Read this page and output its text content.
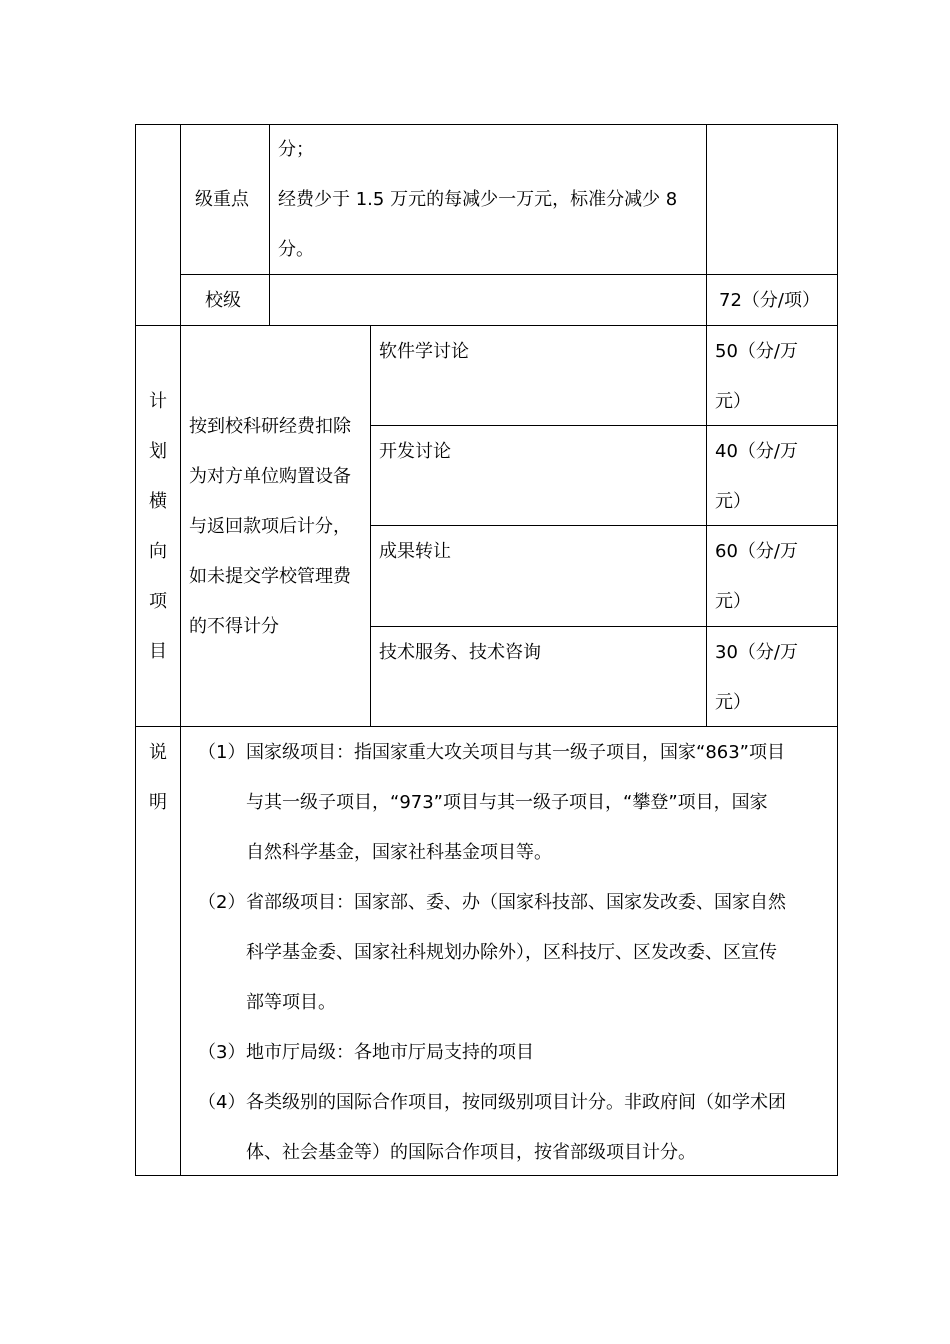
级重点
分；
经费少于 1.5 万元的每减少一万元，标准分减少 8
分。
校级	72（分/项）
计
划
横
向
项
目
按到校科研经费扣除
为对方单位购置设备
与返回款项后计分，
如未提交学校管理费
的不得计分
软件学讨论	50（分/万
元）
开发讨论	40（分/万
元）
成果转让	60（分/万
元）
技术服务、技术咨询	30（分/万
元）
说
明
（1） 国家级项目：指国家重大攻关项目与其一级子项目，国家“863”项目
与其一级子项目，“973”项目与其一级子项目，“攀登”项目，国家
自然科学基金，国家社科基金项目等。
（2） 省部级项目：国家部、委、办（国家科技部、国家发改委、国家自然
科学基金委、国家社科规划办除外），区科技厅、区发改委、区宣传
部等项目。
（3） 地市厅局级：各地市厅局支持的项目
（4） 各类级别的国际合作项目，按同级别项目计分。非政府间（如学术团
体、社会基金等）的国际合作项目，按省部级项目计分。
